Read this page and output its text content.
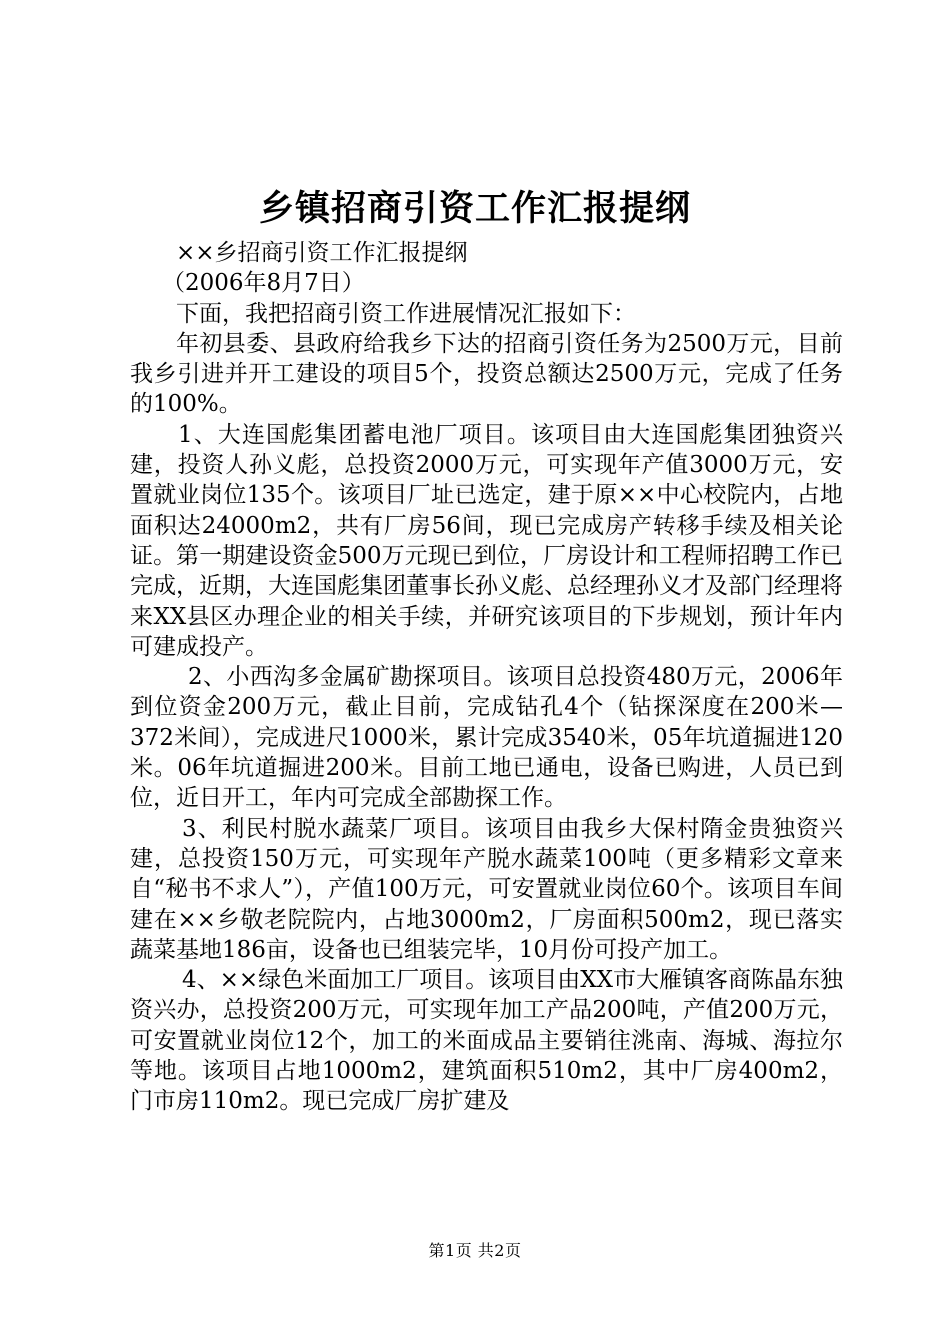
乡镇招商引资工作汇报提纲

××乡招商引资工作汇报提纲

（2006年8月7日）

下面，我把招商引资工作进展情况汇报如下：

年初县委、县政府给我乡下达的招商引资任务为2500万元，目前我乡引进并开工建设的项目5个，投资总额达2500万元，完成了任务的100%。

1、大连国彪集团蓄电池厂项目。该项目由大连国彪集团独资兴建，投资人孙义彪，总投资2000万元，可实现年产值3000万元，安置就业岗位135个。该项目厂址已选定，建于原××中心校院内，占地面积达24000m2，共有厂房56间，现已完成房产转移手续及相关论证。第一期建设资金500万元现已到位，厂房设计和工程师招聘工作已完成，近期，大连国彪集团董事长孙义彪、总经理孙义才及部门经理将来XX县区办理企业的相关手续，并研究该项目的下步规划，预计年内可建成投产。

2、小西沟多金属矿勘探项目。该项目总投资480万元，2006年到位资金200万元，截止目前，完成钻孔4个（钻探深度在200米—372米间），完成进尺1000米，累计完成3540米，05年坑道掘进120米。06年坑道掘进200米。目前工地已通电，设备已购进，人员已到位，近日开工，年内可完成全部勘探工作。

3、利民村脱水蔬菜厂项目。该项目由我乡大保村隋金贵独资兴建，总投资150万元，可实现年产脱水蔬菜100吨（更多精彩文章来自“秘书不求人”），产值100万元，可安置就业岗位60个。该项目车间建在××乡敬老院院内，占地3000m2，厂房面积500m2，现已落实蔬菜基地186亩，设备也已组装完毕，10月份可投产加工。

4、××绿色米面加工厂项目。该项目由XX市大雁镇客商陈晶东独资兴办，总投资200万元，可实现年加工产品200吨，产值200万元，可安置就业岗位12个，加工的米面成品主要销往洮南、海城、海拉尔等地。该项目占地1000m2，建筑面积510m2，其中厂房400m2，门市房110m2。现已完成厂房扩建及

第1页 共2页
